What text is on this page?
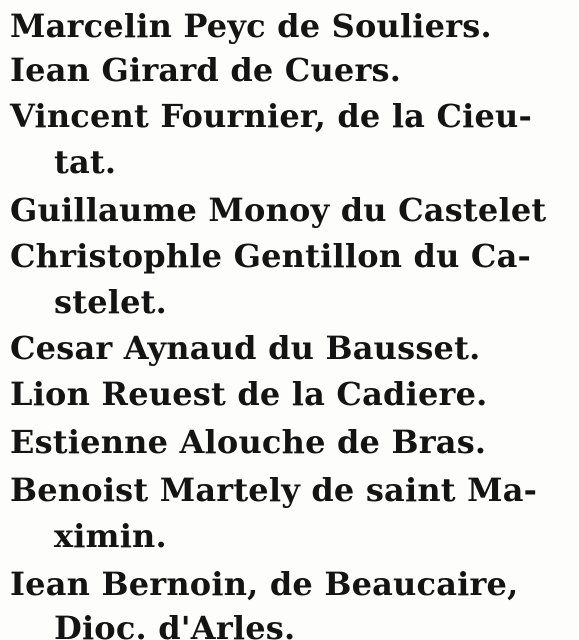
Marcelin Peyc de Souliers.
Iean Girard de Cuers.
Vincent Fournier, de la Cieu-
tat.
Guillaume Monoy du Castelet
Christophle Gentillon du Ca-
stelet.
Cesar Aynaud du Bausset.
Lion Reuest de la Cadiere.
Estienne Alouche de Bras.
Benoist Martely de saint Ma-
ximin.
Iean Bernoin, de Beaucaire,
Dioc. d'Arles.
